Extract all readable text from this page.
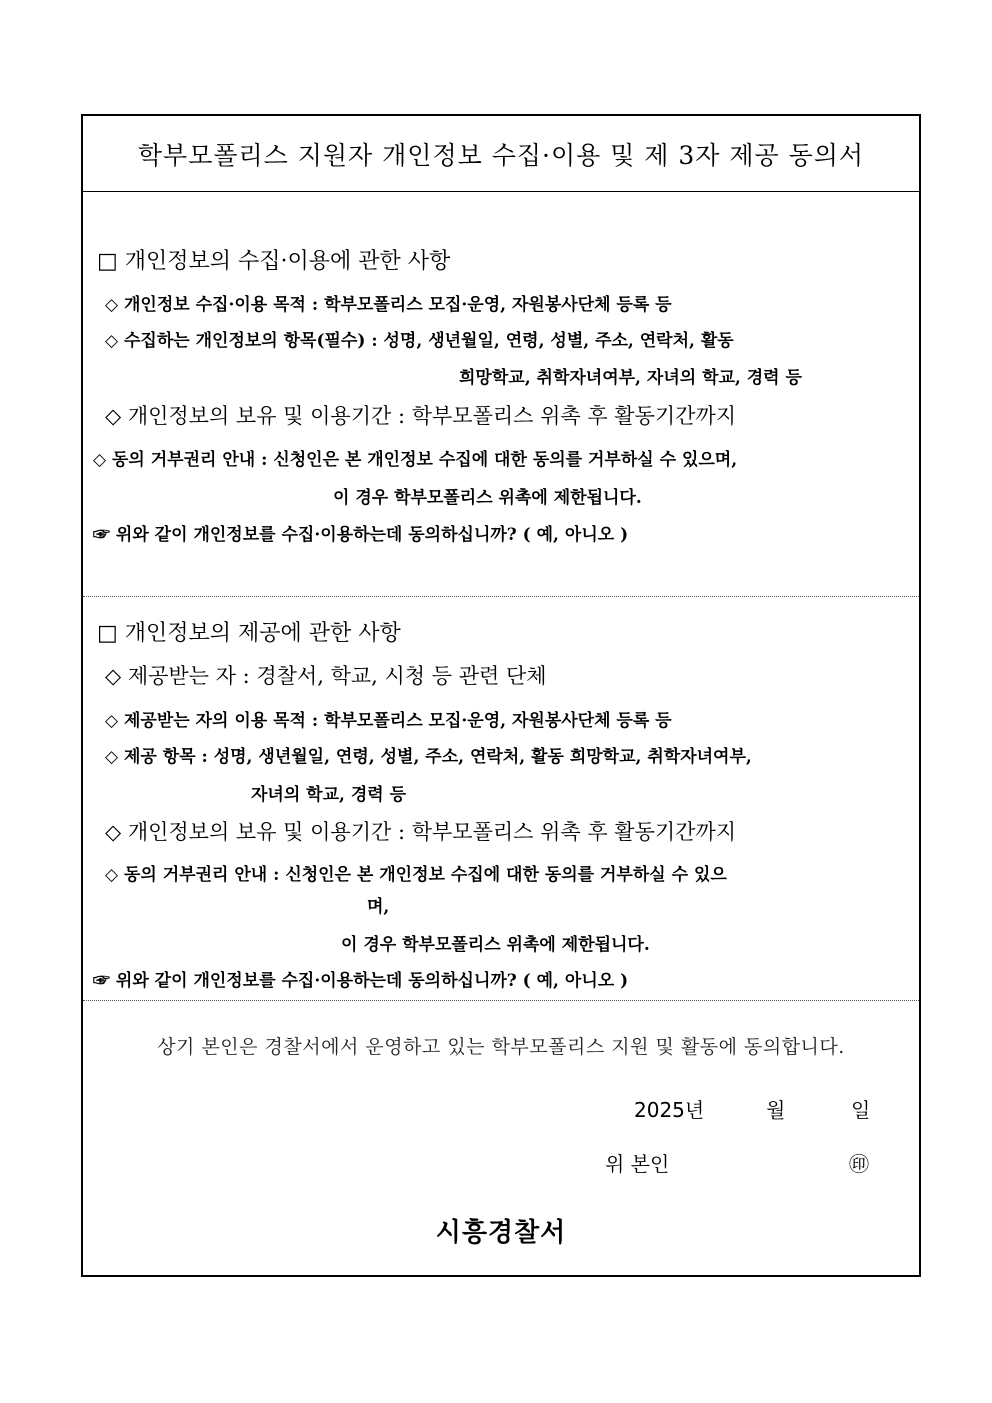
학부모폴리스 지원자 개인정보 수집·이용 및 제 3자 제공 동의서
□ 개인정보의 수집·이용에 관한 사항
◇ 개인정보 수집·이용 목적 : 학부모폴리스 모집·운영, 자원봉사단체 등록 등
◇ 수집하는 개인정보의 항목(필수) : 성명, 생년월일, 연령, 성별, 주소, 연락처, 활동
희망학교, 취학자녀여부, 자녀의 학교, 경력 등
◇ 개인정보의 보유 및 이용기간 : 학부모폴리스 위촉 후 활동기간까지
◇ 동의 거부권리 안내 : 신청인은 본 개인정보 수집에 대한 동의를 거부하실 수 있으며,
이 경우 학부모폴리스 위촉에 제한됩니다.
☞ 위와 같이 개인정보를 수집·이용하는데 동의하십니까? ( 예, 아니오 )
□ 개인정보의 제공에 관한 사항
◇ 제공받는 자 : 경찰서, 학교, 시청 등 관련 단체
◇ 제공받는 자의 이용 목적 : 학부모폴리스 모집·운영, 자원봉사단체 등록 등
◇ 제공 항목 : 성명, 생년월일, 연령, 성별, 주소, 연락처, 활동 희망학교, 취학자녀여부,
자녀의 학교, 경력 등
◇ 개인정보의 보유 및 이용기간 : 학부모폴리스 위촉 후 활동기간까지
◇ 동의 거부권리 안내 : 신청인은 본 개인정보 수집에 대한 동의를 거부하실 수 있으
며,
이 경우 학부모폴리스 위촉에 제한됩니다.
☞ 위와 같이 개인정보를 수집·이용하는데 동의하십니까? ( 예, 아니오 )
상기 본인은 경찰서에서 운영하고 있는 학부모폴리스 지원 및 활동에 동의합니다.
2025년	월	일
위 본인	㊞
시흥경찰서
